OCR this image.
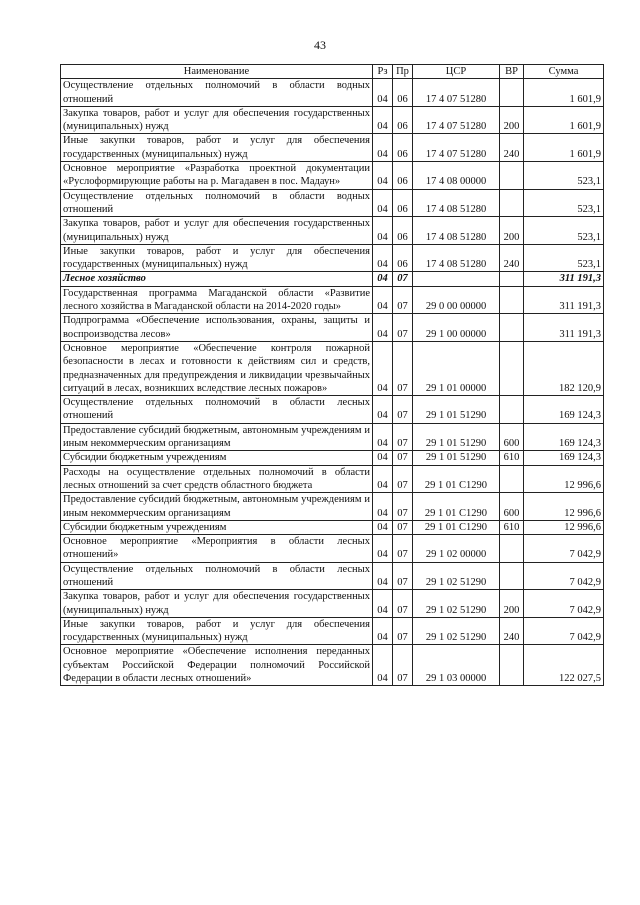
43
Наименование	Рз	Пр	ЦСР	ВР	Сумма
Осуществление отдельных полномочий в области водных отношений	04	06	17 4 07 51280		1 601,9
Закупка товаров, работ и услуг для обеспечения государственных (муниципальных) нужд	04	06	17 4 07 51280	200	1 601,9
Иные закупки товаров, работ и услуг для обеспечения государственных (муниципальных) нужд	04	06	17 4 07 51280	240	1 601,9
Основное мероприятие «Разработка проектной документации «Руслоформирующие работы на р. Магадавен в пос. Мадаун»	04	06	17 4 08 00000		523,1
Осуществление отдельных полномочий в области водных отношений	04	06	17 4 08 51280		523,1
Закупка товаров, работ и услуг для обеспечения государственных (муниципальных) нужд	04	06	17 4 08 51280	200	523,1
Иные закупки товаров, работ и услуг для обеспечения государственных (муниципальных) нужд	04	06	17 4 08 51280	240	523,1
Лесное хозяйство	04	07			311 191,3
Государственная программа Магаданской области «Развитие лесного хозяйства в Магаданской области на 2014-2020 годы»	04	07	29 0 00 00000		311 191,3
Подпрограмма «Обеспечение использования, охраны, защиты и воспроизводства лесов»	04	07	29 1 00 00000		311 191,3
Основное мероприятие «Обеспечение контроля пожарной безопасности в лесах и готовности к действиям сил и средств, предназначенных для предупреждения и ликвидации чрезвычайных ситуаций в лесах, возникших вследствие лесных пожаров»	04	07	29 1 01 00000		182 120,9
Осуществление отдельных полномочий в области лесных отношений	04	07	29 1 01 51290		169 124,3
Предоставление субсидий бюджетным, автономным учреждениям и иным некоммерческим организациям	04	07	29 1 01 51290	600	169 124,3
Субсидии бюджетным учреждениям	04	07	29 1 01 51290	610	169 124,3
Расходы на осуществление отдельных полномочий в области лесных отношений за счет средств областного бюджета	04	07	29 1 01 С1290		12 996,6
Предоставление субсидий бюджетным, автономным учреждениям и иным некоммерческим организациям	04	07	29 1 01 С1290	600	12 996,6
Субсидии бюджетным учреждениям	04	07	29 1 01 С1290	610	12 996,6
Основное мероприятие «Мероприятия в области лесных отношений»	04	07	29 1 02 00000		7 042,9
Осуществление отдельных полномочий в области лесных отношений	04	07	29 1 02 51290		7 042,9
Закупка товаров, работ и услуг для обеспечения государственных (муниципальных) нужд	04	07	29 1 02 51290	200	7 042,9
Иные закупки товаров, работ и услуг для обеспечения государственных (муниципальных) нужд	04	07	29 1 02 51290	240	7 042,9
Основное мероприятие «Обеспечение исполнения переданных субъектам Российской Федерации полномочий Российской Федерации в области лесных отношений»	04	07	29 1 03 00000		122 027,5
